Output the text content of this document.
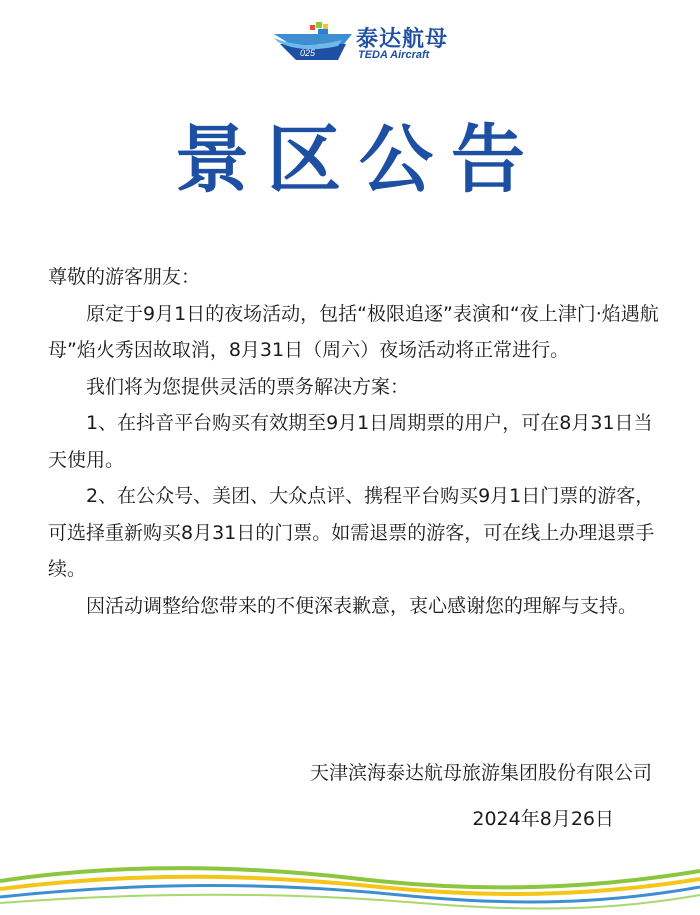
025
泰达航母
TEDA Aircraft
景区公告

尊敬的游客朋友：

原定于9月1日的夜场活动，包括“极限追逐”表演和“夜上津门·焰遇航母”焰火秀因故取消，8月31日（周六）夜场活动将正常进行。

我们将为您提供灵活的票务解决方案：

1、在抖音平台购买有效期至9月1日周期票的用户，可在8月31日当天使用。

2、在公众号、美团、大众点评、携程平台购买9月1日门票的游客，可选择重新购买8月31日的门票。如需退票的游客，可在线上办理退票手续。

因活动调整给您带来的不便深表歉意，衷心感谢您的理解与支持。

天津滨海泰达航母旅游集团股份有限公司
2024年8月26日
